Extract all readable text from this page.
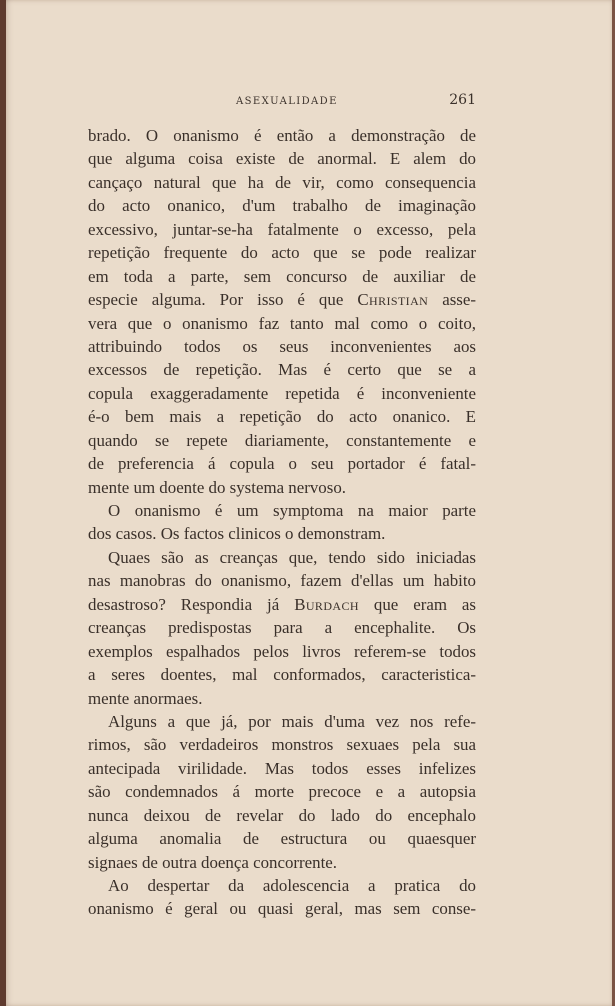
ASEXUALIDADE	261
brado. O onanismo é então a demonstração de
que alguma coisa existe de anormal. E alem do
cançaço natural que ha de vir, como consequencia
do acto onanico, d'um trabalho de imaginação
excessivo, juntar-se-ha fatalmente o excesso, pela
repetição frequente do acto que se pode realizar
em toda a parte, sem concurso de auxiliar de
especie alguma. Por isso é que Christian asse-
vera que o onanismo faz tanto mal como o coito,
attribuindo todos os seus inconvenientes aos
excessos de repetição. Mas é certo que se a
copula exaggeradamente repetida é inconveniente
é-o bem mais a repetição do acto onanico. E
quando se repete diariamente, constantemente e
de preferencia á copula o seu portador é fatal-
mente um doente do systema nervoso.
O onanismo é um symptoma na maior parte
dos casos. Os factos clinicos o demonstram.
Quaes são as creanças que, tendo sido iniciadas
nas manobras do onanismo, fazem d'ellas um habito
desastroso? Respondia já Burdach que eram as
creanças predispostas para a encephalite. Os
exemplos espalhados pelos livros referem-se todos
a seres doentes, mal conformados, caracteristica-
mente anormaes.
Alguns a que já, por mais d'uma vez nos refe-
rimos, são verdadeiros monstros sexuaes pela sua
antecipada virilidade. Mas todos esses infelizes
são condemnados á morte precoce e a autopsia
nunca deixou de revelar do lado do encephalo
alguma anomalia de estructura ou quaesquer
signaes de outra doença concorrente.
Ao despertar da adolescencia a pratica do
onanismo é geral ou quasi geral, mas sem conse-
